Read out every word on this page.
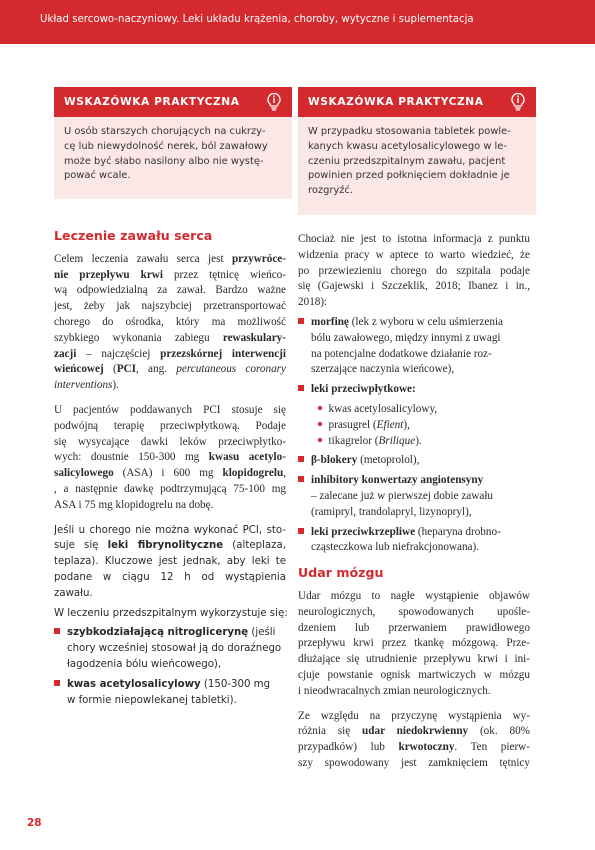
Układ sercowo-naczyniowy. Leki układu krążenia, choroby, wytyczne i suplementacja
WSKAZÓWKA PRAKTYCZNA
U osób starszych chorujących na cukrzy-
cę lub niewydolność nerek, ból zawałowy
może być słabo nasilony albo nie wystę-
pować wcale.
WSKAZÓWKA PRAKTYCZNA
W przypadku stosowania tabletek powle-
kanych kwasu acetylosalicylowego w le-
czeniu przedszpitalnym zawału, pacjent
powinien przed połknięciem dokładnie je
rozgryźć.
Leczenie zawału serca
Celem leczenia zawału serca jest przywróce-
nie przepływu krwi przez tętnicę wieńco-
wą odpowiedzialną za zawał. Bardzo ważne
jest, żeby jak najszybciej przetransportować
chorego do ośrodka, który ma możliwość
szybkiego wykonania zabiegu rewaskulary-
zacji – najczęściej przezskórnej interwencji
wieńcowej (PCI, ang. percutaneous coronary
interventions).
U pacjentów poddawanych PCI stosuje się
podwójną terapię przeciwpłytkową. Podaje
się wysycające dawki leków przeciwpłytko-
wych: doustnie 150-300 mg kwasu acetylo-
salicylowego (ASA) i 600 mg klopidogrelu,
, a następnie dawkę podtrzymującą 75-100 mg
ASA i 75 mg klopidogrelu na dobę.
Jeśli u chorego nie można wykonać PCI, sto-
suje się leki fibrynolityczne (alteplaza,
teplaza). Kluczowe jest jednak, aby leki te
podane w ciągu 12 h od wystąpienia
zawału.
W leczeniu przedszpitalnym wykorzystuje się:
szybkodziałającą nitroglicerynę (jeśli
chory wcześniej stosował ją do doraźnego
łagodzenia bólu wieńcowego),
kwas acetylosalicylowy (150-300 mg
w formie niepowlekanej tabletki).
Chociaż nie jest to istotna informacja z punktu
widzenia pracy w aptece to warto wiedzieć, że
po przewiezieniu chorego do szpitala podaje
się (Gajewski i Szczeklik, 2018; Ibanez i in.,
2018):
morfinę (lek z wyboru w celu uśmierzenia
bólu zawałowego, między innymi z uwagi
na potencjalne dodatkowe działanie roz-
szerzające naczynia wieńcowe),
leki przeciwpłytkowe:
kwas acetylosalicylowy,
prasugrel (Efient),
tikagrelor (Brilique).
β-blokery (metoprolol),
inhibitory konwertazy angiotensyny
– zalecane już w pierwszej dobie zawału
(ramipryl, trandolapryl, lizynopryl),
leki przeciwkrzepliwe (heparyna drobno-
cząsteczkowa lub niefrakcjonowana).
Udar mózgu
Udar mózgu to nagłe wystąpienie objawów
neurologicznych, spowodowanych upośle-
dzeniem lub przerwaniem prawidłowego
przepływu krwi przez tkankę mózgową. Prze-
dłużające się utrudnienie przepływu krwi i ini-
cjuje powstanie ognisk martwiczych w mózgu
i nieodwracalnych zmian neurologicznych.
Ze względu na przyczynę wystąpienia wy-
różnia się udar niedokrwienny (ok. 80%
przypadków) lub krwotoczny. Ten pierw-
szy spowodowany jest zamknięciem tętnicy
28
